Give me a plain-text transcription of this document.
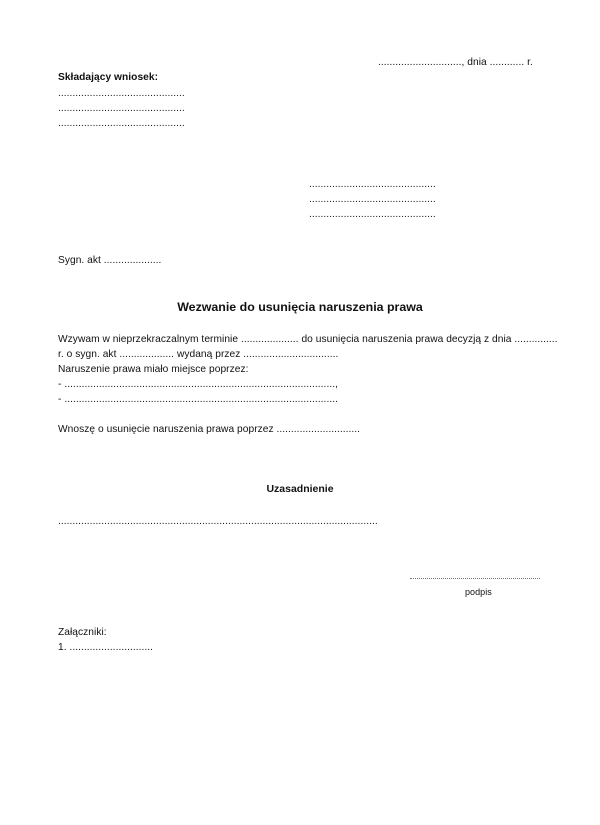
............................., dnia ............ r.
Składający wniosek:
............................................
............................................
............................................
............................................
............................................
............................................
Sygn. akt ....................
Wezwanie do usunięcia naruszenia prawa
Wzywam w nieprzekraczalnym terminie .................... do usunięcia naruszenia prawa decyzją z dnia ...............
r. o sygn. akt ................... wydaną przez .................................
Naruszenie prawa miało miejsce poprzez:
- ..............................................................................................,
- ...............................................................................................
Wnoszę o usunięcie naruszenia prawa poprzez .............................
Uzasadnienie
...............................................................................................................
podpis
Załączniki:
1. .............................
